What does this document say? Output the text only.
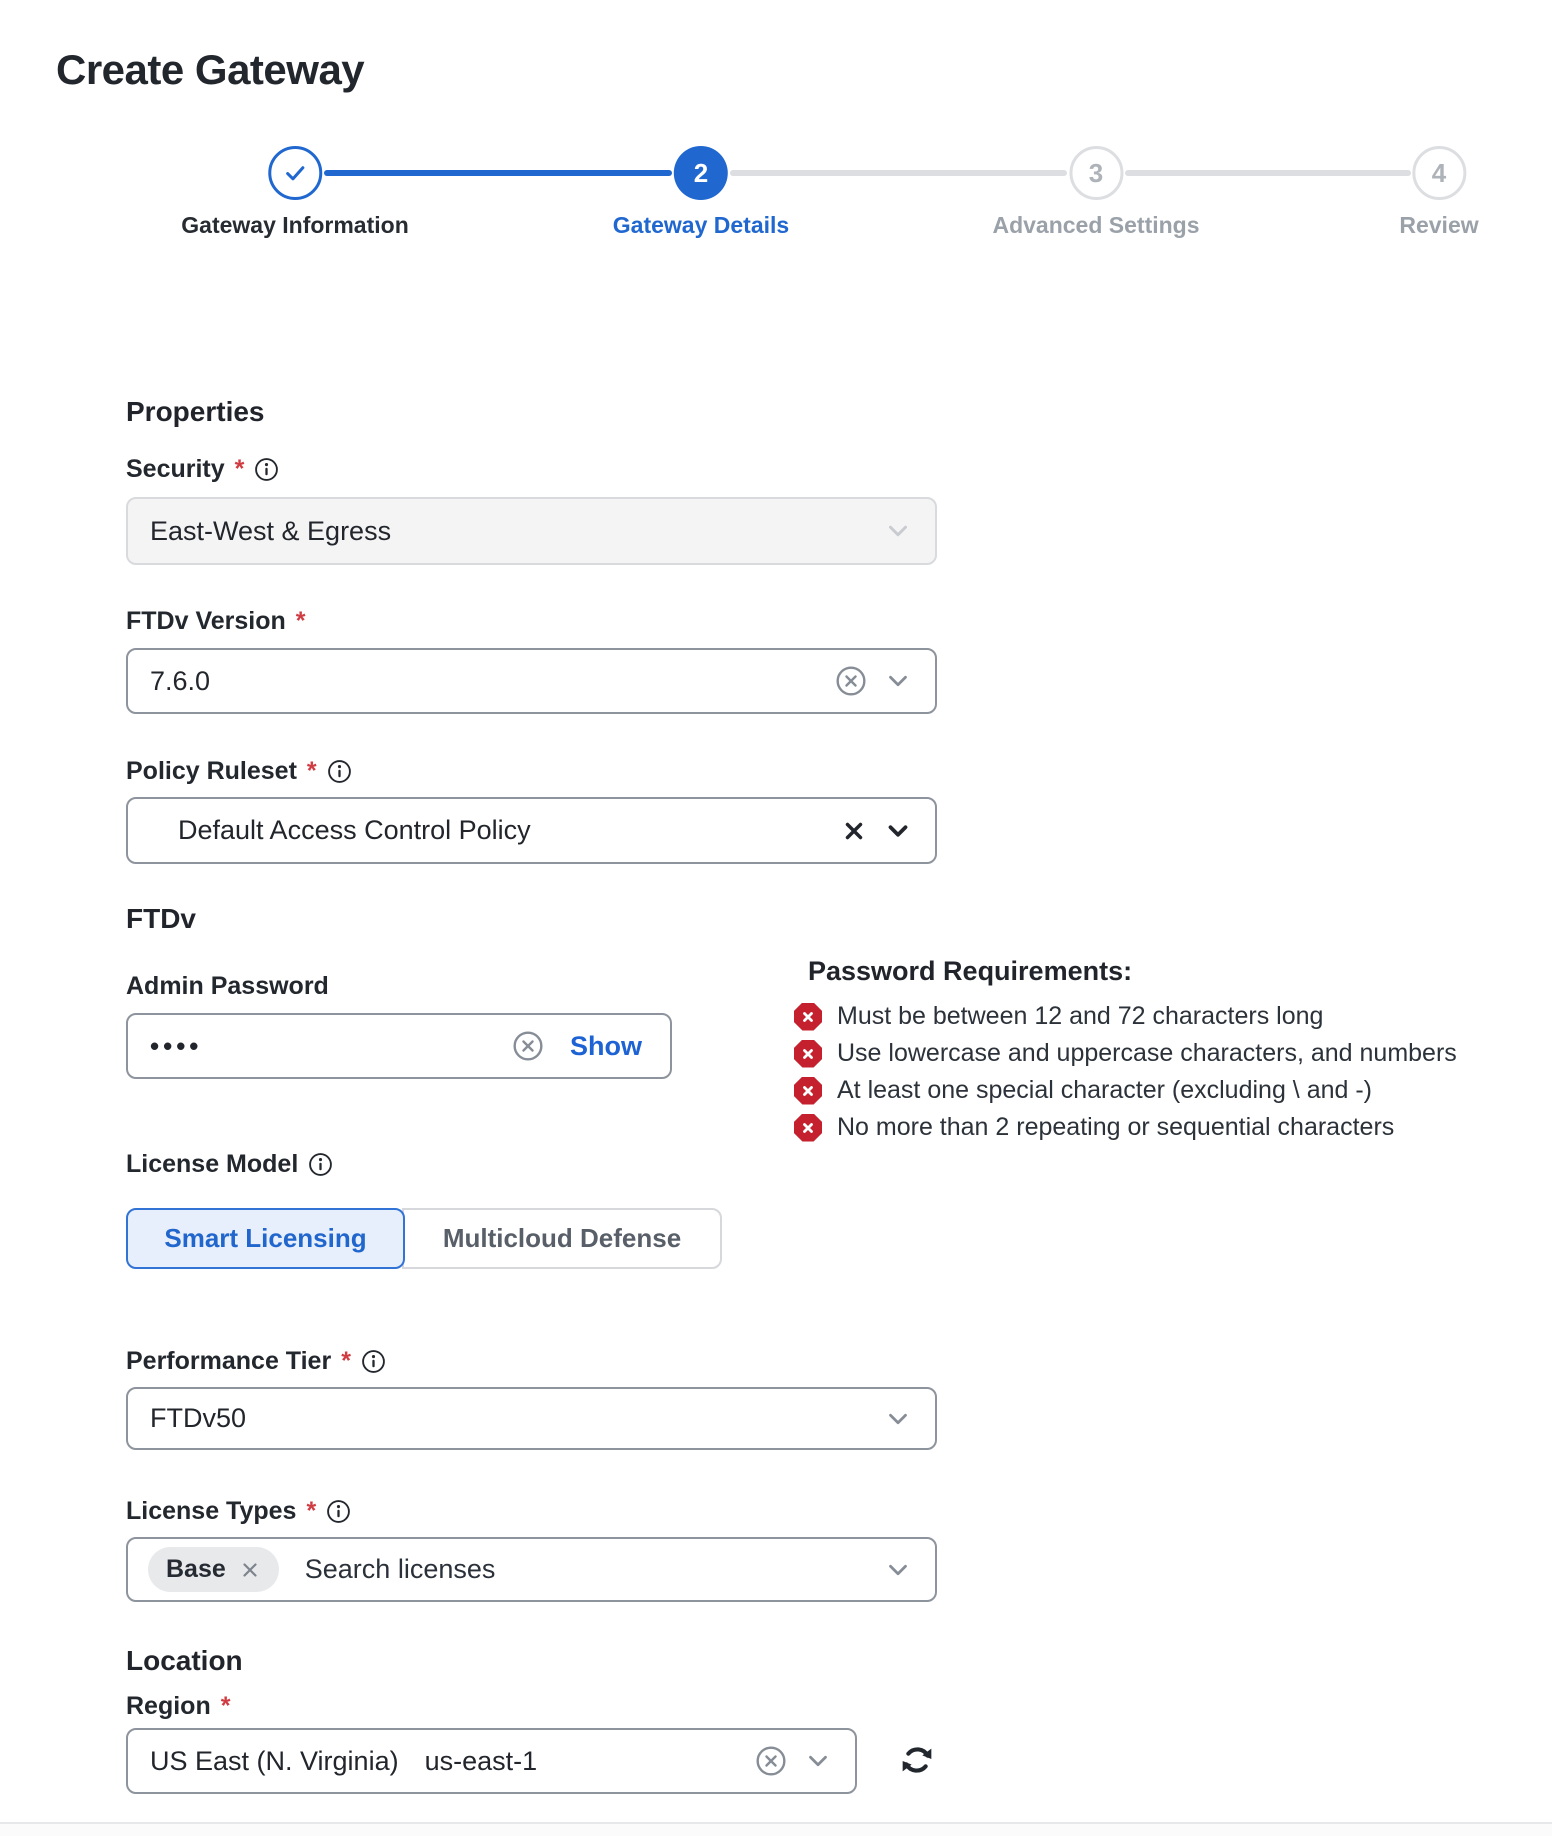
Create Gateway
Gateway Information
2
Gateway Details
3
Advanced Settings
4
Review
Properties
Security *
East-West & Egress
FTDv Version *
7.6.0
Policy Ruleset *
Default Access Control Policy
FTDv
Admin Password
••••	Show
Password Requirements:
Must be between 12 and 72 characters long
Use lowercase and uppercase characters, and numbers
At least one special character (excluding \ and -)
No more than 2 repeating or sequential characters
License Model
Smart Licensing	Multicloud Defense
Performance Tier *
FTDv50
License Types *
Base	Search licenses
Location
Region *
US East (N. Virginia) us-east-1
